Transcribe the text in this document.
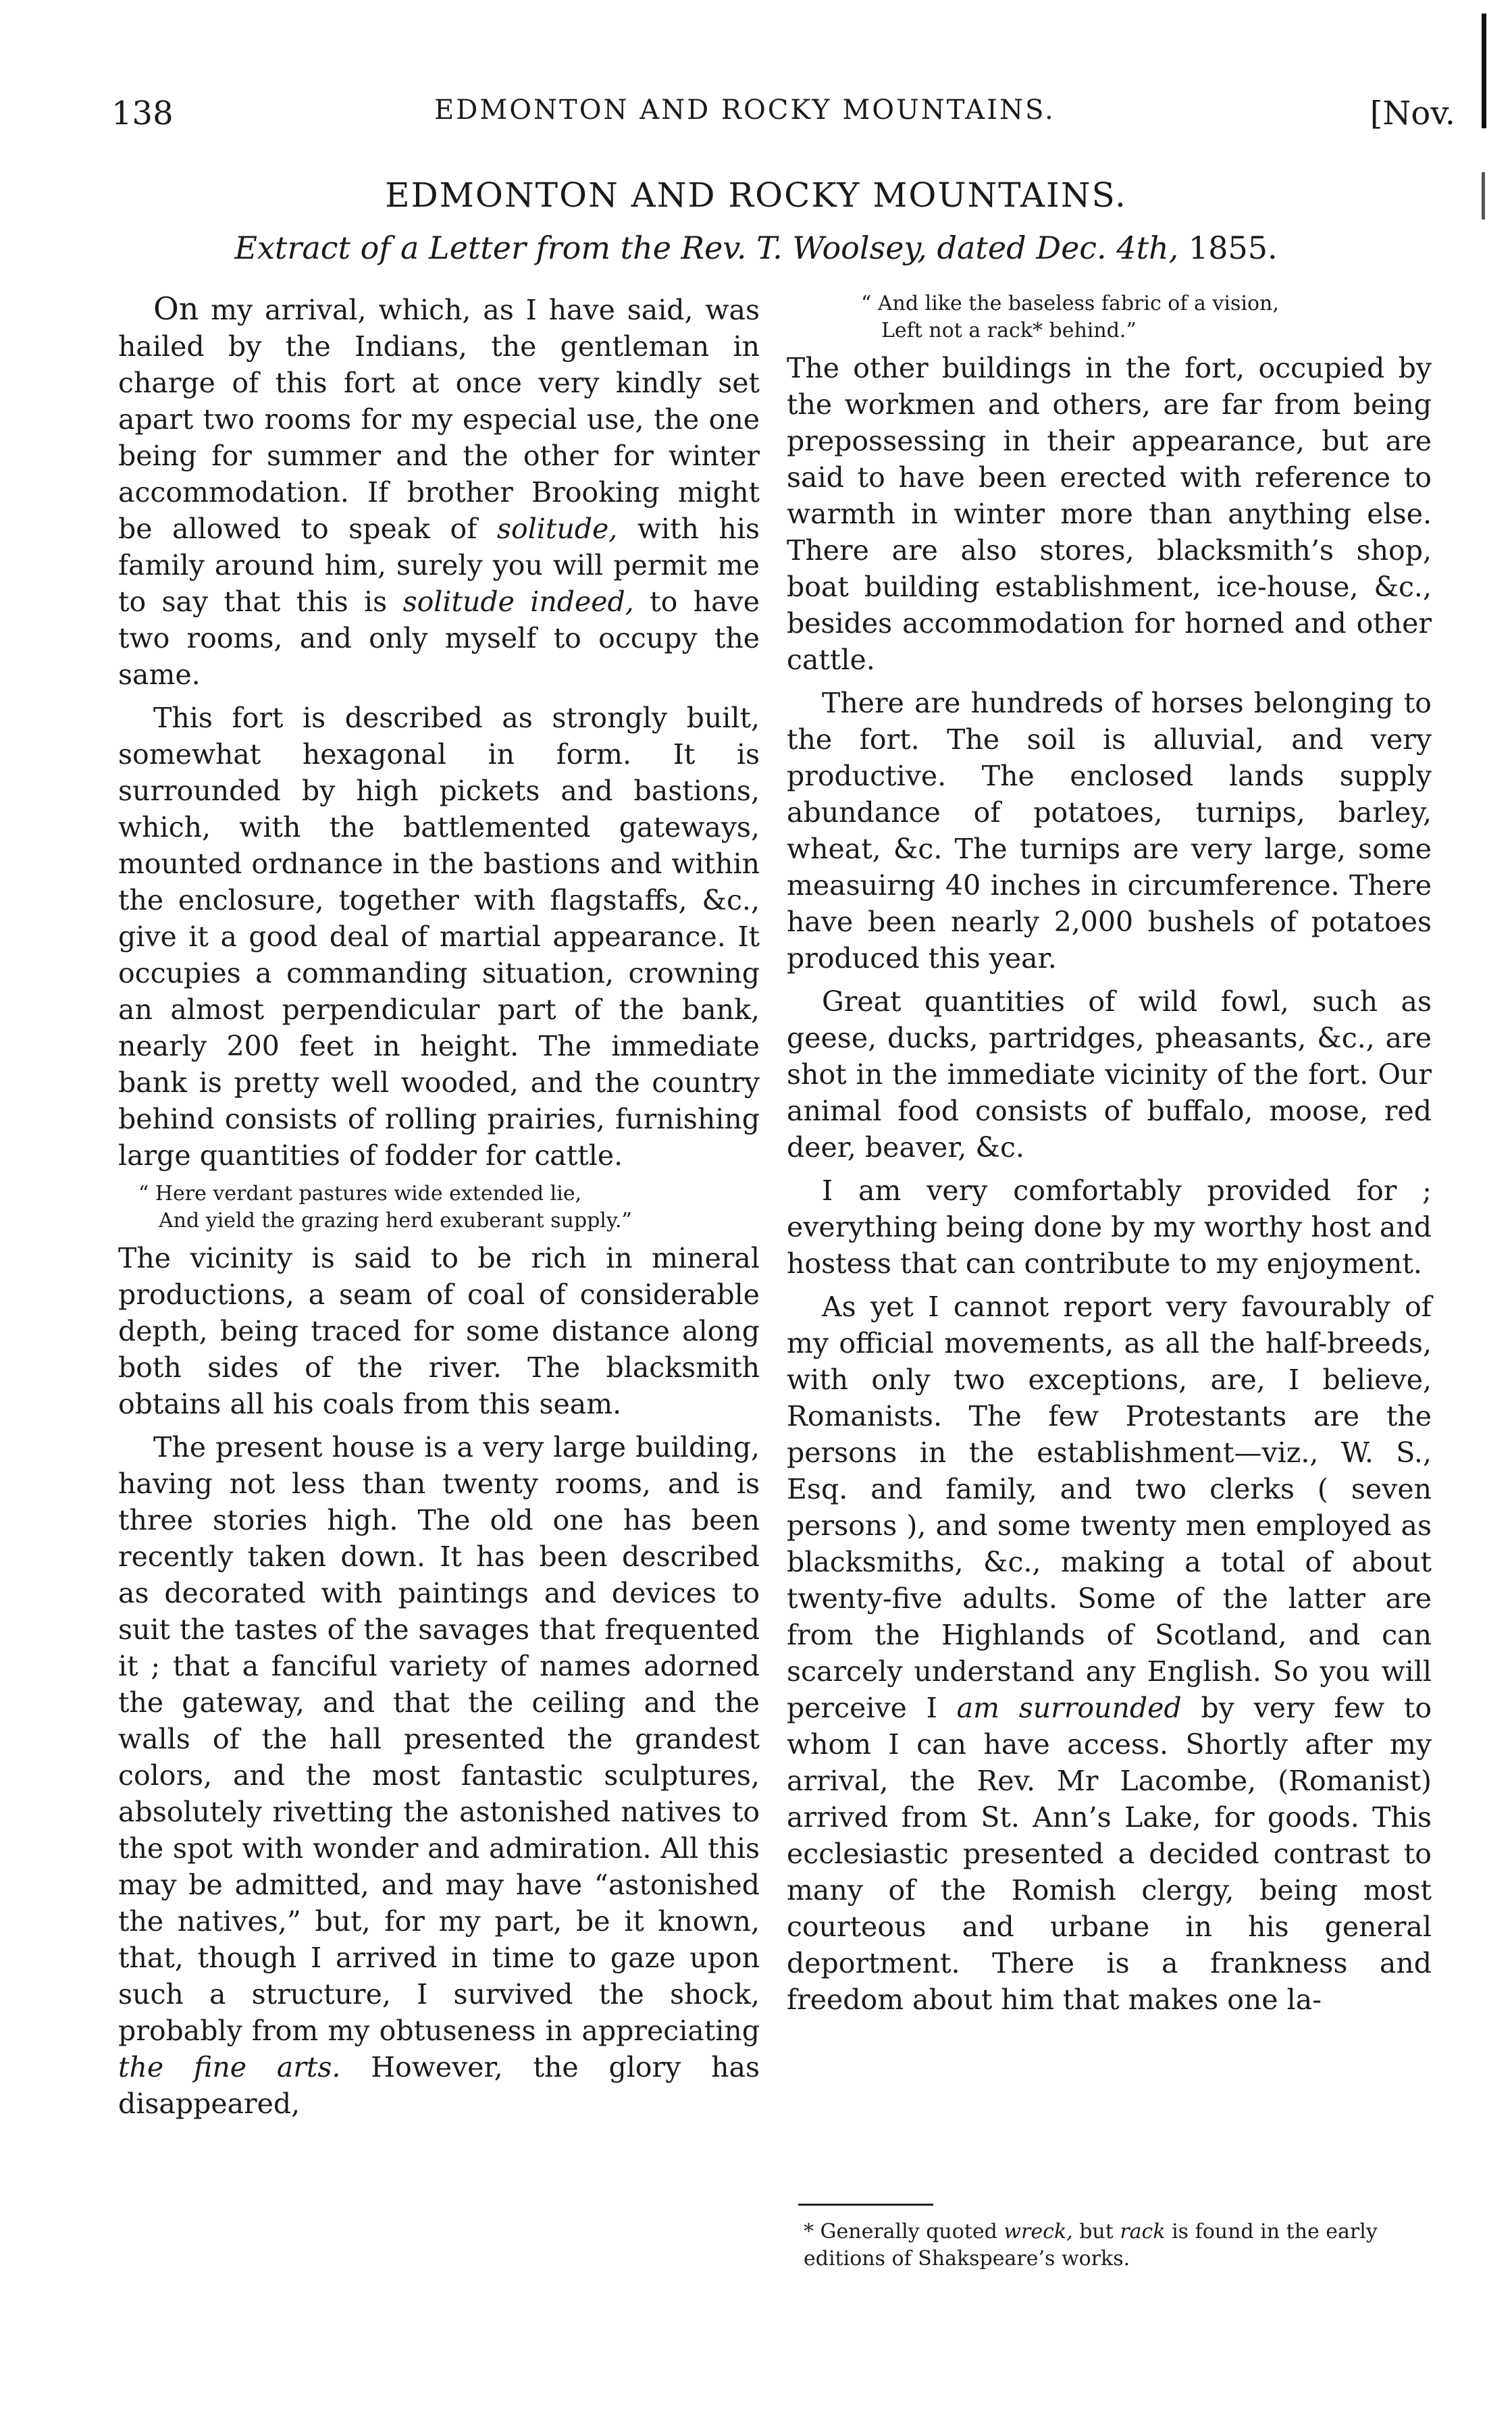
138	EDMONTON AND ROCKY MOUNTAINS.	[Nov.
EDMONTON AND ROCKY MOUNTAINS.
Extract of a Letter from the Rev. T. Woolsey, dated Dec. 4th, 1855.

On my arrival, which, as I have said, was hailed by the Indians, the gentleman in charge of this fort at once very kindly set apart two rooms for my especial use, the one being for summer and the other for winter accommodation. If brother Brooking might be allowed to speak of solitude, with his family around him, surely you will permit me to say that this is solitude indeed, to have two rooms, and only myself to occupy the same.

This fort is described as strongly built, somewhat hexagonal in form. It is surrounded by high pickets and bastions, which, with the battlemented gateways, mounted ordnance in the bastions and within the enclosure, together with flagstaffs, &c., give it a good deal of martial appearance. It occupies a commanding situation, crowning an almost perpendicular part of the bank, nearly 200 feet in height. The immediate bank is pretty well wooded, and the country behind consists of rolling prairies, furnishing large quantities of fodder for cattle.

“ Here verdant pastures wide extended lie,
And yield the grazing herd exuberant supply.”

The vicinity is said to be rich in mineral productions, a seam of coal of considerable depth, being traced for some distance along both sides of the river. The blacksmith obtains all his coals from this seam.

The present house is a very large building, having not less than twenty rooms, and is three stories high. The old one has been recently taken down. It has been described as decorated with paintings and devices to suit the tastes of the savages that frequented it ; that a fanciful variety of names adorned the gateway, and that the ceiling and the walls of the hall presented the grandest colors, and the most fantastic sculptures, absolutely rivetting the astonished natives to the spot with wonder and admiration. All this may be admitted, and may have “astonished the natives,” but, for my part, be it known, that, though I arrived in time to gaze upon such a structure, I survived the shock, probably from my obtuseness in appreciating the fine arts. However, the glory has disappeared,

“ And like the baseless fabric of a vision,
Left not a rack* behind.”

The other buildings in the fort, occupied by the workmen and others, are far from being prepossessing in their appearance, but are said to have been erected with reference to warmth in winter more than anything else. There are also stores, blacksmith’s shop, boat building establishment, ice-house, &c., besides accommodation for horned and other cattle.

There are hundreds of horses belonging to the fort. The soil is alluvial, and very productive. The enclosed lands supply abundance of potatoes, turnips, barley, wheat, &c. The turnips are very large, some measuirng 40 inches in circumference. There have been nearly 2,000 bushels of potatoes produced this year.

Great quantities of wild fowl, such as geese, ducks, partridges, pheasants, &c., are shot in the immediate vicinity of the fort. Our animal food consists of buffalo, moose, red deer, beaver, &c.

I am very comfortably provided for ; everything being done by my worthy host and hostess that can contribute to my enjoyment.

As yet I cannot report very favourably of my official movements, as all the half-breeds, with only two exceptions, are, I believe, Romanists. The few Protestants are the persons in the establishment—viz., W. S., Esq. and family, and two clerks ( seven persons ), and some twenty men employed as blacksmiths, &c., making a total of about twenty-five adults. Some of the latter are from the Highlands of Scotland, and can scarcely understand any English. So you will perceive I am surrounded by very few to whom I can have access. Shortly after my arrival, the Rev. Mr Lacombe, (Romanist) arrived from St. Ann’s Lake, for goods. This ecclesiastic presented a decided contrast to many of the Romish clergy, being most courteous and urbane in his general deportment. There is a frankness and freedom about him that makes one la-

* Generally quoted wreck, but rack is found in the early editions of Shakspeare’s works.
